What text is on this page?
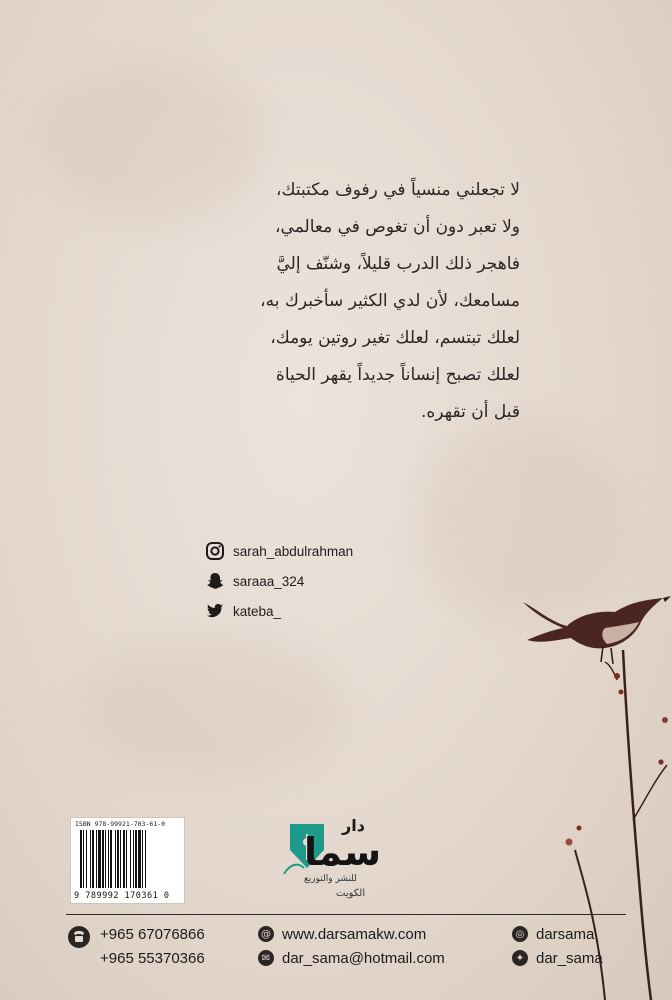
لا تجعلني منسياً في رفوف مكتبتك،
ولا تعبر دون أن تغوص في معالمي،
فاهجر ذلك الدرب قليلاً، وشنّف إليَّ
مسامعك، لأن لدي الكثير سأخبرك به،
لعلك تبتسم، لعلك تغير روتين يومك،
لعلك تصبح إنساناً جديداً يقهر الحياة
قبل أن تقهره.
sarah_abdulrahman
saraaa_324
kateba_
ISBN 978-99921-703-61-0
9 789992 170361 0
دار
سما
للنشر والتوزيع
الكويت
+965 67076866
+965 55370366
@ www.darsamakw.com
✉ dar_sama@hotmail.com
◎ darsama
✦ dar_sama
